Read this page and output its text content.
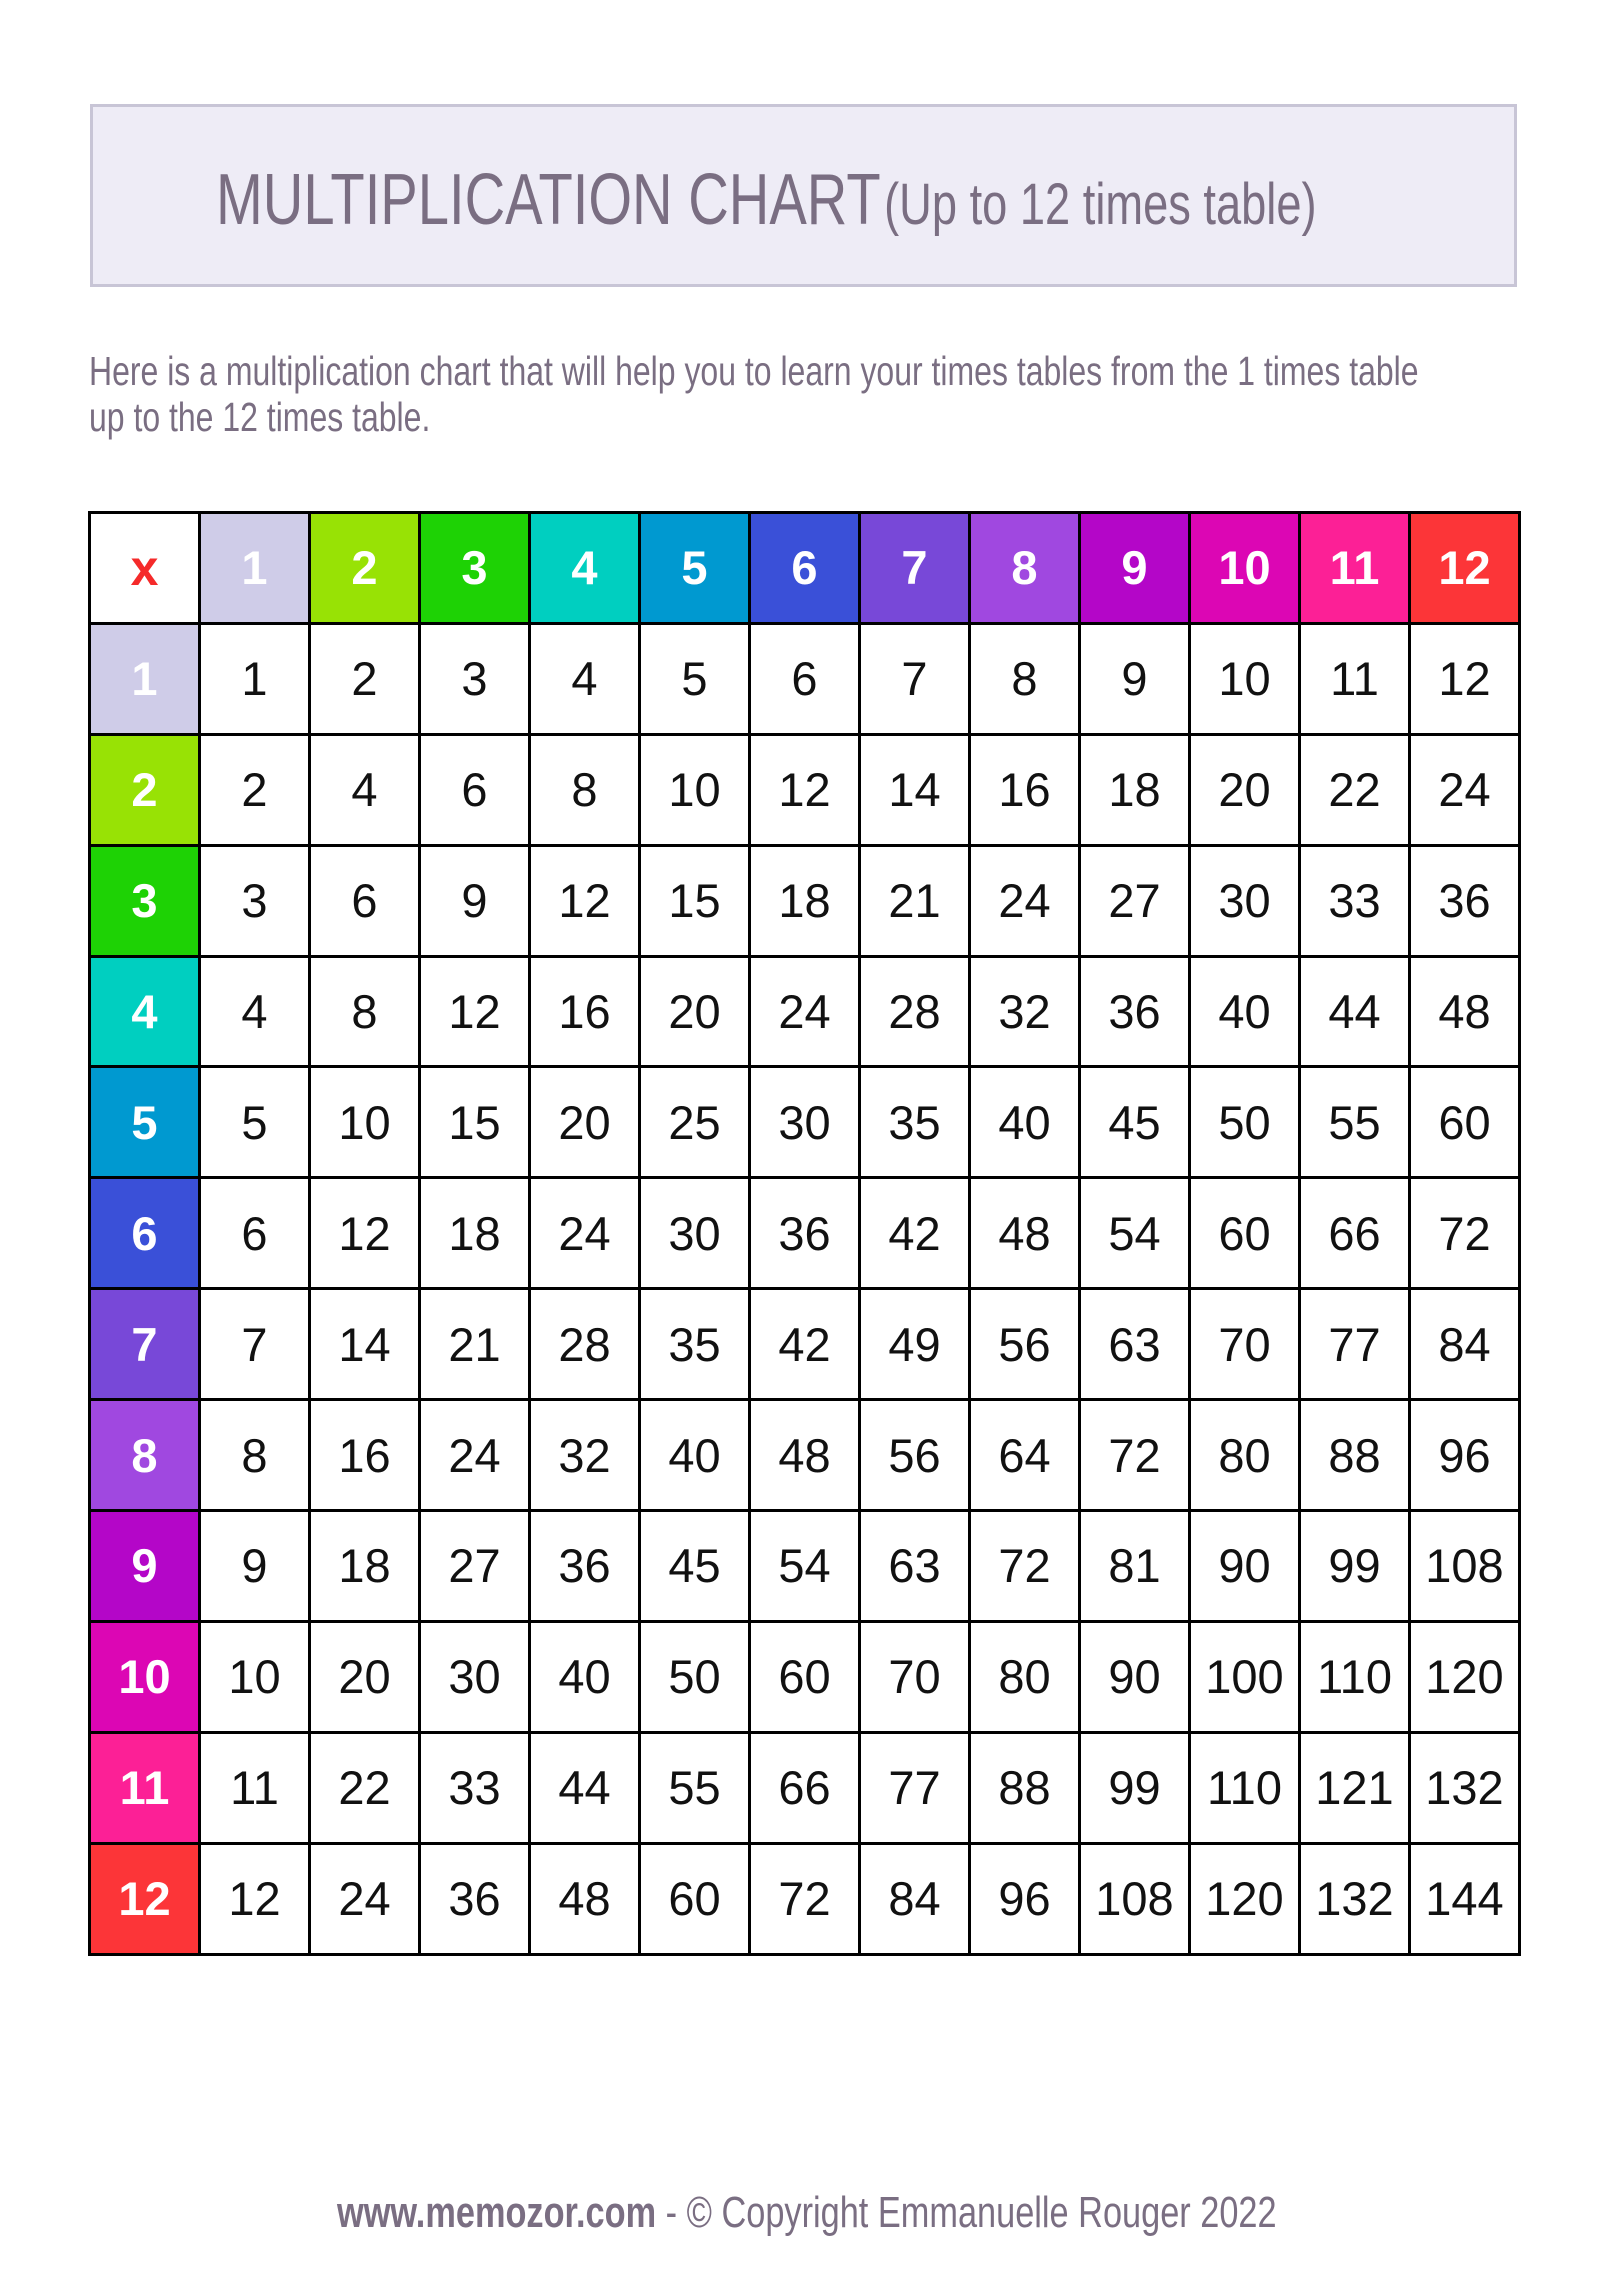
MULTIPLICATION CHART (Up to 12 times table)
Here is a multiplication chart that will help you to learn your times tables from the 1 times table
up to the 12 times table.
x	1	2	3	4	5	6	7	8	9	10	11	12
1	1	2	3	4	5	6	7	8	9	10	11	12
2	2	4	6	8	10	12	14	16	18	20	22	24
3	3	6	9	12	15	18	21	24	27	30	33	36
4	4	8	12	16	20	24	28	32	36	40	44	48
5	5	10	15	20	25	30	35	40	45	50	55	60
6	6	12	18	24	30	36	42	48	54	60	66	72
7	7	14	21	28	35	42	49	56	63	70	77	84
8	8	16	24	32	40	48	56	64	72	80	88	96
9	9	18	27	36	45	54	63	72	81	90	99 108
10	10	20	30	40	50	60	70	80	90 100 110 120
11	11	22	33	44	55	66	77	88	99 110 121 132
12	12	24	36	48	60	72	84	96 108 120 132 144
www.memozor.com - © Copyright Emmanuelle Rouger 2022
